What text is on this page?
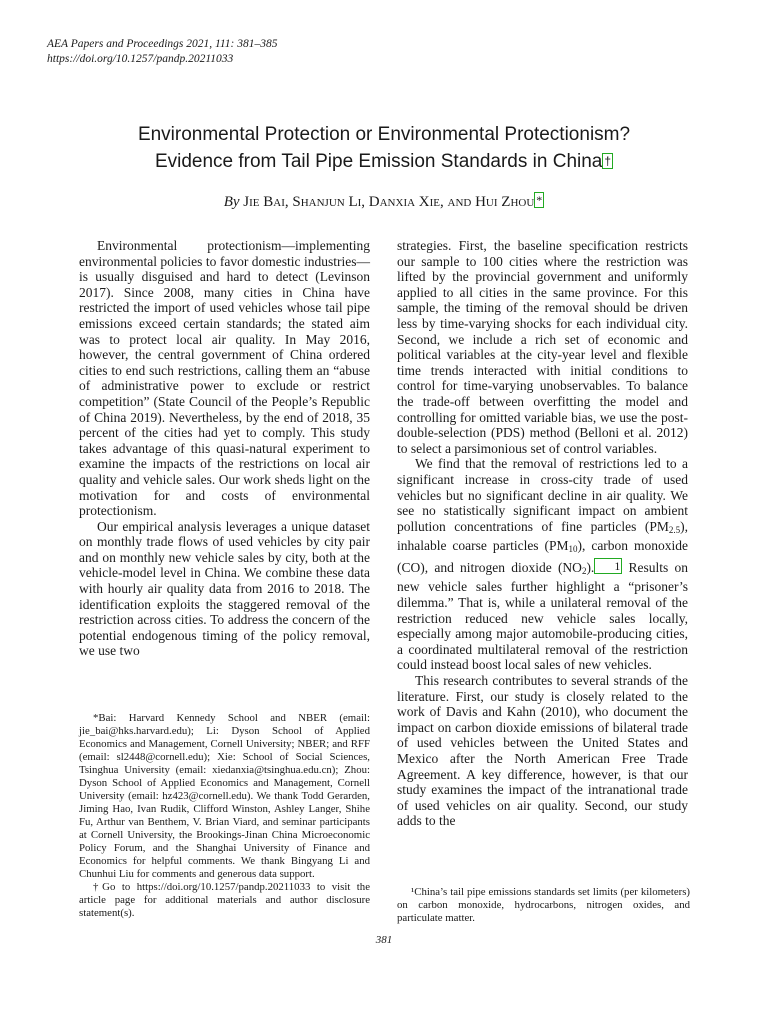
AEA Papers and Proceedings 2021, 111: 381–385
https://doi.org/10.1257/pandp.20211033
Environmental Protection or Environmental Protectionism?
Evidence from Tail Pipe Emission Standards in China †
By Jie Bai, Shanjun Li, Danxia Xie, and Hui Zhou *

Environmental protectionism—implementing environmental policies to favor domestic industries—is usually disguised and hard to detect (Levinson 2017). Since 2008, many cities in China have restricted the import of used vehicles whose tail pipe emissions exceed certain standards; the stated aim was to protect local air quality. In May 2016, however, the central government of China ordered cities to end such restrictions, calling them an “abuse of administrative power to exclude or restrict competition” (State Council of the People’s Republic of China 2019). Nevertheless, by the end of 2018, 35 percent of the cities had yet to comply. This study takes advantage of this quasi-natural experiment to examine the impacts of the restrictions on local air quality and vehicle sales. Our work sheds light on the motivation for and costs of environmental protectionism.

Our empirical analysis leverages a unique dataset on monthly trade flows of used vehicles by city pair and on monthly new vehicle sales by city, both at the vehicle-model level in China. We combine these data with hourly air quality data from 2016 to 2018. The identification exploits the staggered removal of the restriction across cities. To address the concern of the potential endogenous timing of the policy removal, we use two

strategies. First, the baseline specification restricts our sample to 100 cities where the restriction was lifted by the provincial government and uniformly applied to all cities in the same province. For this sample, the timing of the removal should be driven less by time-varying shocks for each individual city. Second, we include a rich set of economic and political variables at the city-year level and flexible time trends interacted with initial conditions to control for time-varying unobservables. To balance the trade-off between overfitting the model and controlling for omitted variable bias, we use the post-double-selection (PDS) method (Belloni et al. 2012) to select a parsimonious set of control variables.

We find that the removal of restrictions led to a significant increase in cross-city trade of used vehicles but no significant decline in air quality. We see no statistically significant impact on ambient pollution concentrations of fine particles $(PM_{2.5})$, inhalable coarse particles $(PM_{10})$, carbon monoxide (CO), and nitrogen dioxide $(NO_2)$. 1 Results on new vehicle sales further highlight a “prisoner’s dilemma.” That is, while a unilateral removal of the restriction reduced new vehicle sales locally, especially among major automobile-producing cities, a coordinated multilateral removal of the restriction could instead boost local sales of new vehicles.

This research contributes to several strands of the literature. First, our study is closely related to the work of Davis and Kahn (2010), who document the impact on carbon dioxide emissions of bilateral trade of used vehicles between the United States and Mexico after the North American Free Trade Agreement. A key difference, however, is that our study examines the impact of the intranational trade of used vehicles on air quality. Second, our study adds to the

*Bai: Harvard Kennedy School and NBER (email: jie_bai@hks.harvard.edu); Li: Dyson School of Applied Economics and Management, Cornell University; NBER; and RFF (email: sl2448@cornell.edu); Xie: School of Social Sciences, Tsinghua University (email: xiedanxia@tsinghua.edu.cn); Zhou: Dyson School of Applied Economics and Management, Cornell University (email: hz423@cornell.edu). We thank Todd Gerarden, Jiming Hao, Ivan Rudik, Clifford Winston, Ashley Langer, Shihe Fu, Arthur van Benthem, V. Brian Viard, and seminar participants at Cornell University, the Brookings-Jinan China Microeconomic Policy Forum, and the Shanghai University of Finance and Economics for helpful comments. We thank Bingyang Li and Chunhui Liu for comments and generous data support.

†Go to https://doi.org/10.1257/pandp.20211033 to visit the article page for additional materials and author disclosure statement(s).

¹China’s tail pipe emissions standards set limits (per kilometers) on carbon monoxide, hydrocarbons, nitrogen oxides, and particulate matter.

381
